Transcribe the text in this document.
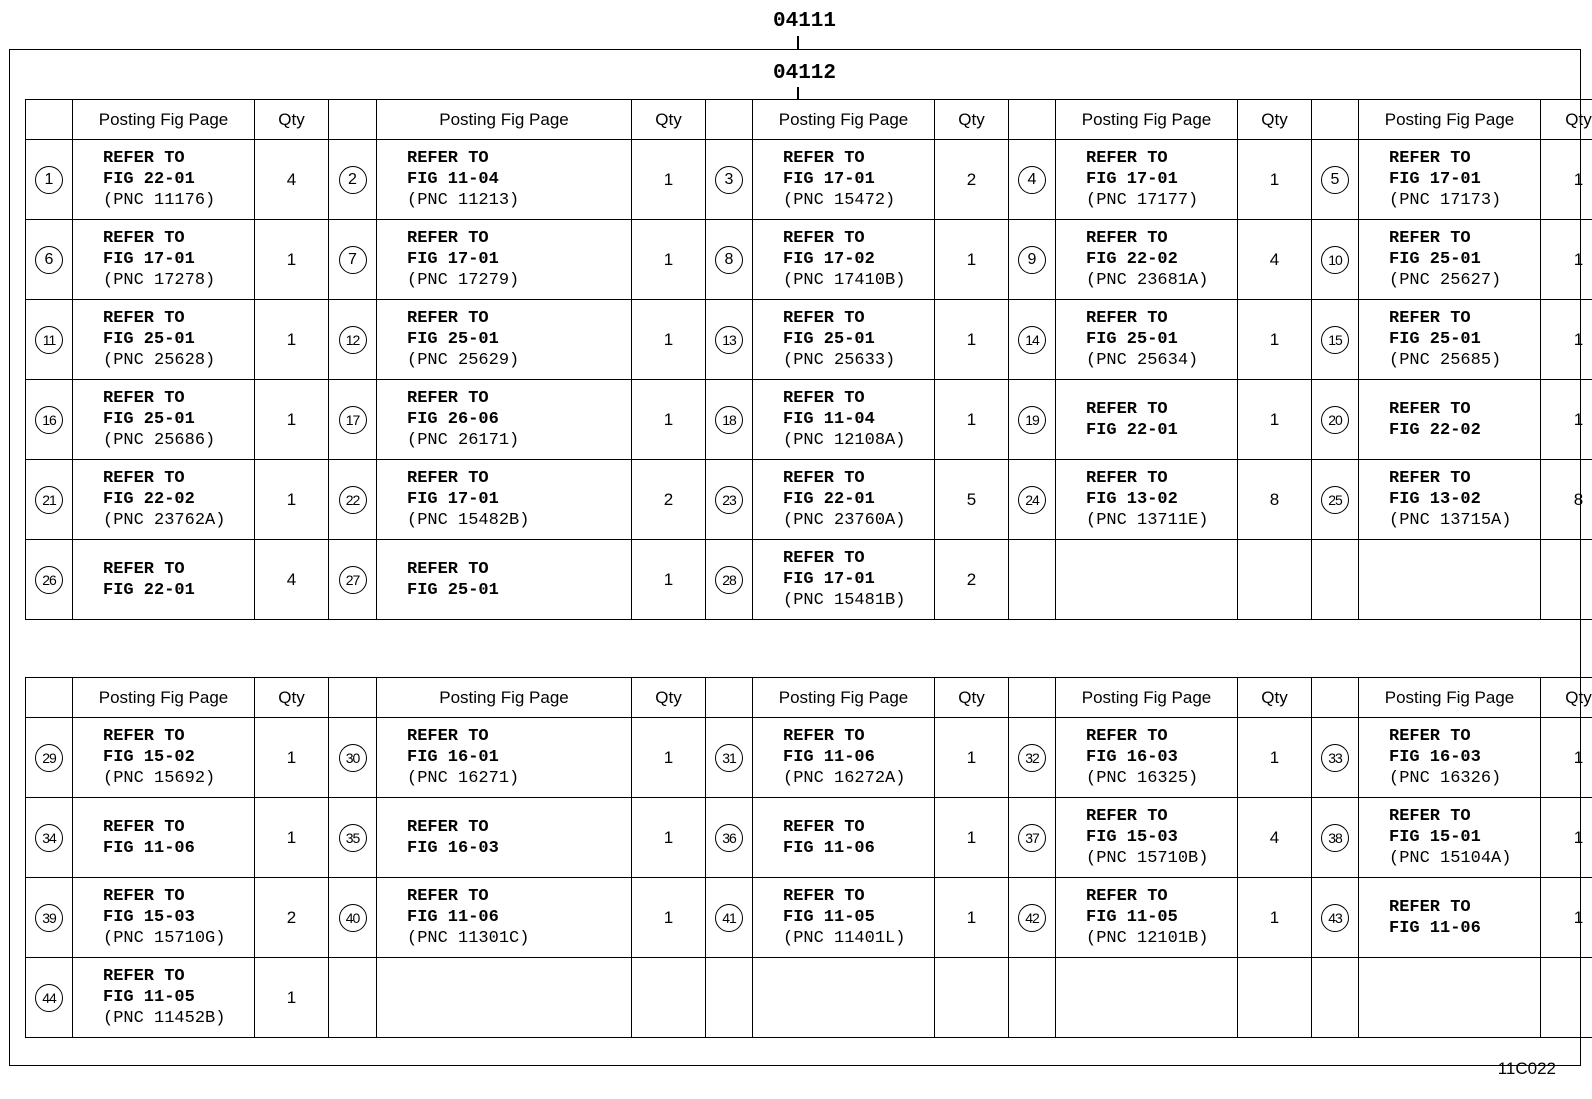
04111
04112
	Posting Fig Page	Qty		Posting Fig Page	Qty		Posting Fig Page	Qty		Posting Fig Page	Qty		Posting Fig Page	Qty
1	REFER TO
FIG 22-01
(PNC 11176)	4	2	REFER TO
FIG 11-04
(PNC 11213)	1	3	REFER TO
FIG 17-01
(PNC 15472)	2	4	REFER TO
FIG 17-01
(PNC 17177)	1	5	REFER TO
FIG 17-01
(PNC 17173)	1
6	REFER TO
FIG 17-01
(PNC 17278)	1	7	REFER TO
FIG 17-01
(PNC 17279)	1	8	REFER TO
FIG 17-02
(PNC 17410B)	1	9	REFER TO
FIG 22-02
(PNC 23681A)	4	10	REFER TO
FIG 25-01
(PNC 25627)	1
11	REFER TO
FIG 25-01
(PNC 25628)	1	12	REFER TO
FIG 25-01
(PNC 25629)	1	13	REFER TO
FIG 25-01
(PNC 25633)	1	14	REFER TO
FIG 25-01
(PNC 25634)	1	15	REFER TO
FIG 25-01
(PNC 25685)	1
16	REFER TO
FIG 25-01
(PNC 25686)	1	17	REFER TO
FIG 26-06
(PNC 26171)	1	18	REFER TO
FIG 11-04
(PNC 12108A)	1	19	REFER TO
FIG 22-01	1	20	REFER TO
FIG 22-02	1
21	REFER TO
FIG 22-02
(PNC 23762A)	1	22	REFER TO
FIG 17-01
(PNC 15482B)	2	23	REFER TO
FIG 22-01
(PNC 23760A)	5	24	REFER TO
FIG 13-02
(PNC 13711E)	8	25	REFER TO
FIG 13-02
(PNC 13715A)	8
26	REFER TO
FIG 22-01	4	27	REFER TO
FIG 25-01	1	28	REFER TO
FIG 17-01
(PNC 15481B)	2						
	Posting Fig Page	Qty		Posting Fig Page	Qty		Posting Fig Page	Qty		Posting Fig Page	Qty		Posting Fig Page	Qty
29	REFER TO
FIG 15-02
(PNC 15692)	1	30	REFER TO
FIG 16-01
(PNC 16271)	1	31	REFER TO
FIG 11-06
(PNC 16272A)	1	32	REFER TO
FIG 16-03
(PNC 16325)	1	33	REFER TO
FIG 16-03
(PNC 16326)	1
34	REFER TO
FIG 11-06	1	35	REFER TO
FIG 16-03	1	36	REFER TO
FIG 11-06	1	37	REFER TO
FIG 15-03
(PNC 15710B)	4	38	REFER TO
FIG 15-01
(PNC 15104A)	1
39	REFER TO
FIG 15-03
(PNC 15710G)	2	40	REFER TO
FIG 11-06
(PNC 11301C)	1	41	REFER TO
FIG 11-05
(PNC 11401L)	1	42	REFER TO
FIG 11-05
(PNC 12101B)	1	43	REFER TO
FIG 11-06	1
44	REFER TO
FIG 11-05
(PNC 11452B)	1												
11C022
